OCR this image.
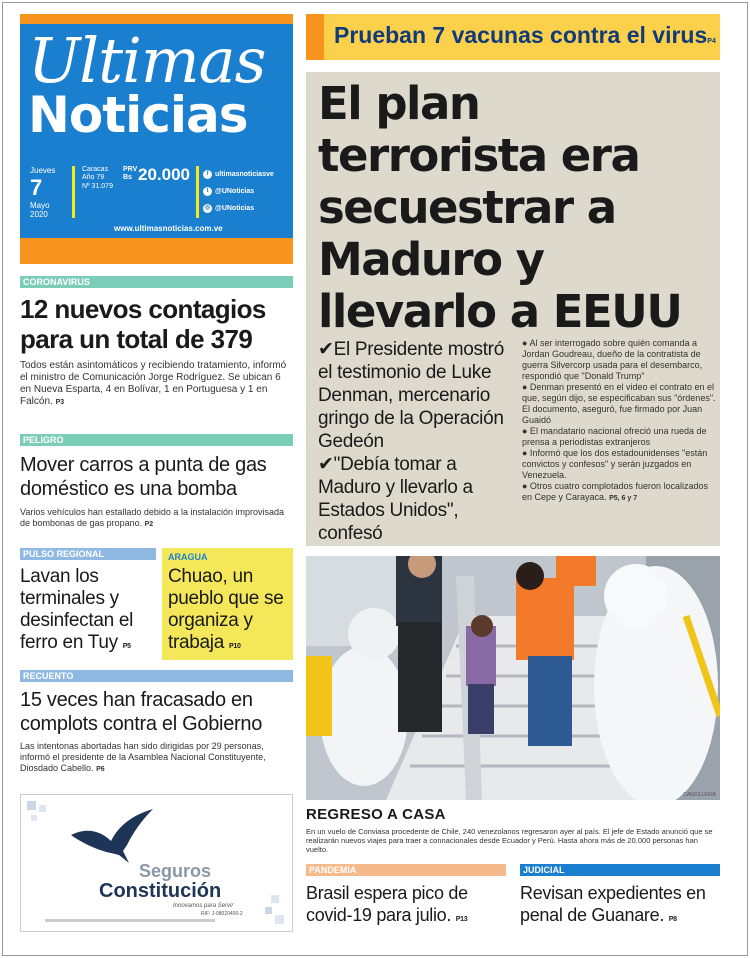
Ultimas
Noticias
Jueves
7
Mayo
2020
Caracas
Año 79
Nº 31.079
PRV
Bs 20.000	f ultimasnoticiasve
t @UNoticias
◎ @UNoticias
www.ultimasnoticias.com.ve
Prueban 7 vacunas contra el virusP4
El plan terrorista era secuestrar a Maduro y llevarlo a EEUU
✔El Presidente mostró el testimonio de Luke Denman, mercenario gringo de la Operación Gedeón
✔"Debía tomar a Maduro y llevarlo a Estados Unidos", confesó

● Al ser interrogado sobre quién comanda a Jordan Goudreau, dueño de la contratista de guerra Silvercorp usada para el desembarco, respondió que "Donald Trump"

● Denman presentó en el video el contrato en el que, según dijo, se especificaban sus "órdenes". El documento, aseguró, fue firmado por Juan Guaidó

● El mandatario nacional ofreció una rueda de prensa a periodistas extranjeros

● Informó que los dos estadounidenses "están convictos y confesos" y serán juzgados en Venezuela.

● Otros cuatro complotados fueron localizados en Cepe y Carayaca. P5, 6 y 7

CORONAVIRUS
12 nuevos contagios para un total de 379
Todos están asintomáticos y recibiendo tratamiento, informó el ministro de Comunicación Jorge Rodríguez. Se ubican 6 en Nueva Esparta, 4 en Bolívar, 1 en Portuguesa y 1 en Falcón. P3
PELIGRO
Mover carros a punta de gas doméstico es una bomba
Varios vehículos han estallado debido a la instalación improvisada de bombonas de gas propano. P2
PULSO REGIONAL
Lavan los terminales y desinfectan el ferro en Tuy P5
ARAGUA
Chuao, un pueblo que se organiza y trabaja P10
RECUENTO
15 veces han fracasado en complots contra el Gobierno
Las intentonas abortadas han sido dirigidas por 29 personas, informó el presidente de la Asamblea Nacional Constituyente, Diosdado Cabello. P6
Seguros
Constitución
Innovamos para Servir
RIF: J-08020400-2
CANCILLERÍA
REGRESO A CASA
En un vuelo de Conviasa procedente de Chile, 240 venezolanos regresaron ayer al país. El jefe de Estado anunció que se realizarán nuevos viajes para traer a connacionales desde Ecuador y Perú. Hasta ahora más de 20.000 personas han vuelto.
PANDEMIA
Brasil espera pico de covid-19 para julio. P13
JUDICIAL
Revisan expedientes en penal de Guanare. P8
